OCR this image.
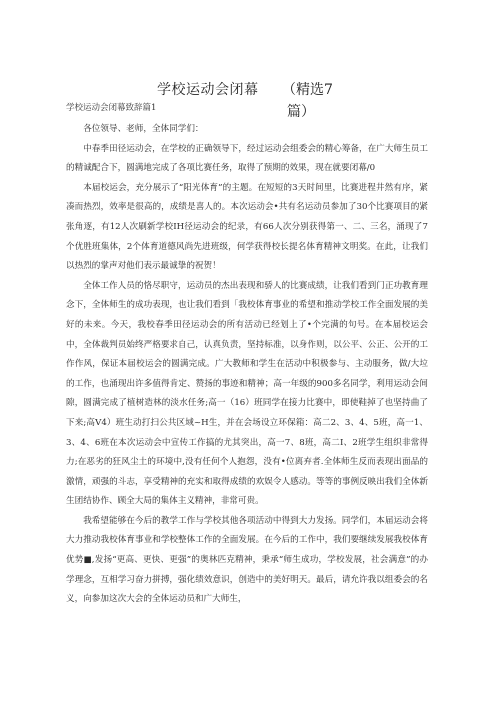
学校运动会闭幕 （精选7
篇）
学校运动会闭幕致辞篇1

各位领导、老师，全体同学们：

中春季田径运动会，在学校的正确领导下，经过运动会组委会的精心筹备，在广大师生员工的精诚配合下，圆满地完成了各项比赛任务，取得了预期的效果，现在就要闭幕/0

本届校运会，充分展示了“阳光体育”的主题。在短短的3天时间里，比赛进程井然有序，紧凑而热烈，效率是很高的，成绩是喜人的。本次运动会•共有名运动员参加了30个比赛项目的紧张角逐，有12人次刷新学校IH径运动会的纪录，有66人次分别获得第一、二、三名，涌现了7个优胜班集体，2个体育道德风尚先进班级，何学获得校长提名体育精神文明奖。在此，让我们以热烈的掌声对他们表示最诚挚的祝贺！

全体工作人员的恪尽职守，运动员的杰出表现和骄人的比赛成绩，让我们看到门正功教育理念下，全体师生的成功表现，也让我们看到「我校体育事业的希望和推动学校工作全面发展的美好的未来。今天，我校春季田径运动会的所有活动已经划上了•个完满的句号。在本届校运会中，全体裁判员始终严格要求自己，认真负责，坚持标准，以身作则，以公平、公正、公开的工作作风，保证本届校运会的圆满完成。广大教师和学生在活动中积极参与、主动服务，做/大垃的工作，也涌现出许多值得肯定、赞扬的事迹和精神；高一年级的900多名同学，利用运动会间隙，圆满完成了植树造林的淡水任务;高一（16）班同学在接力比赛中，即使鞋掉了也坚持曲了下来;高V4）班生动打扫公共区域~H生，并在会场设立环保箱：高二2、3、4、5班，高一1、3、4、6班在本次运动会中宣传工作搞的尤其突出，高一7、8班，高二I、2班学生组织非常得力;在恶劣的狂风尘土的环境中,没有任何个人抱怨，没有•位离弃者.全体师生反而表现出面品的激情，顽强的斗志，享受精神的充实和取得成绩的欢娱令人感动。等等的事例反映出我们全体新生团结协作、顾全大局的集体主义精神，非常可贵。

我希望能够在今后的教学工作与学校其他各项活动中得到大力发扬。同学们，本届运动会将大力推动我校体育事业和学校整体工作的全面发展。在今后的工作中，我们要继续发展我校体育优势■,发扬“更高、更快、更强”的奥林匹克精神，秉承“师生成功，学校发展，社会满意”的办学理念，互相学习奋力拼搏，强化绩效意识，创造中的美好明天。最后，请允许我以组委会的名义，向参加这次大会的全体运动员和广大师生，
